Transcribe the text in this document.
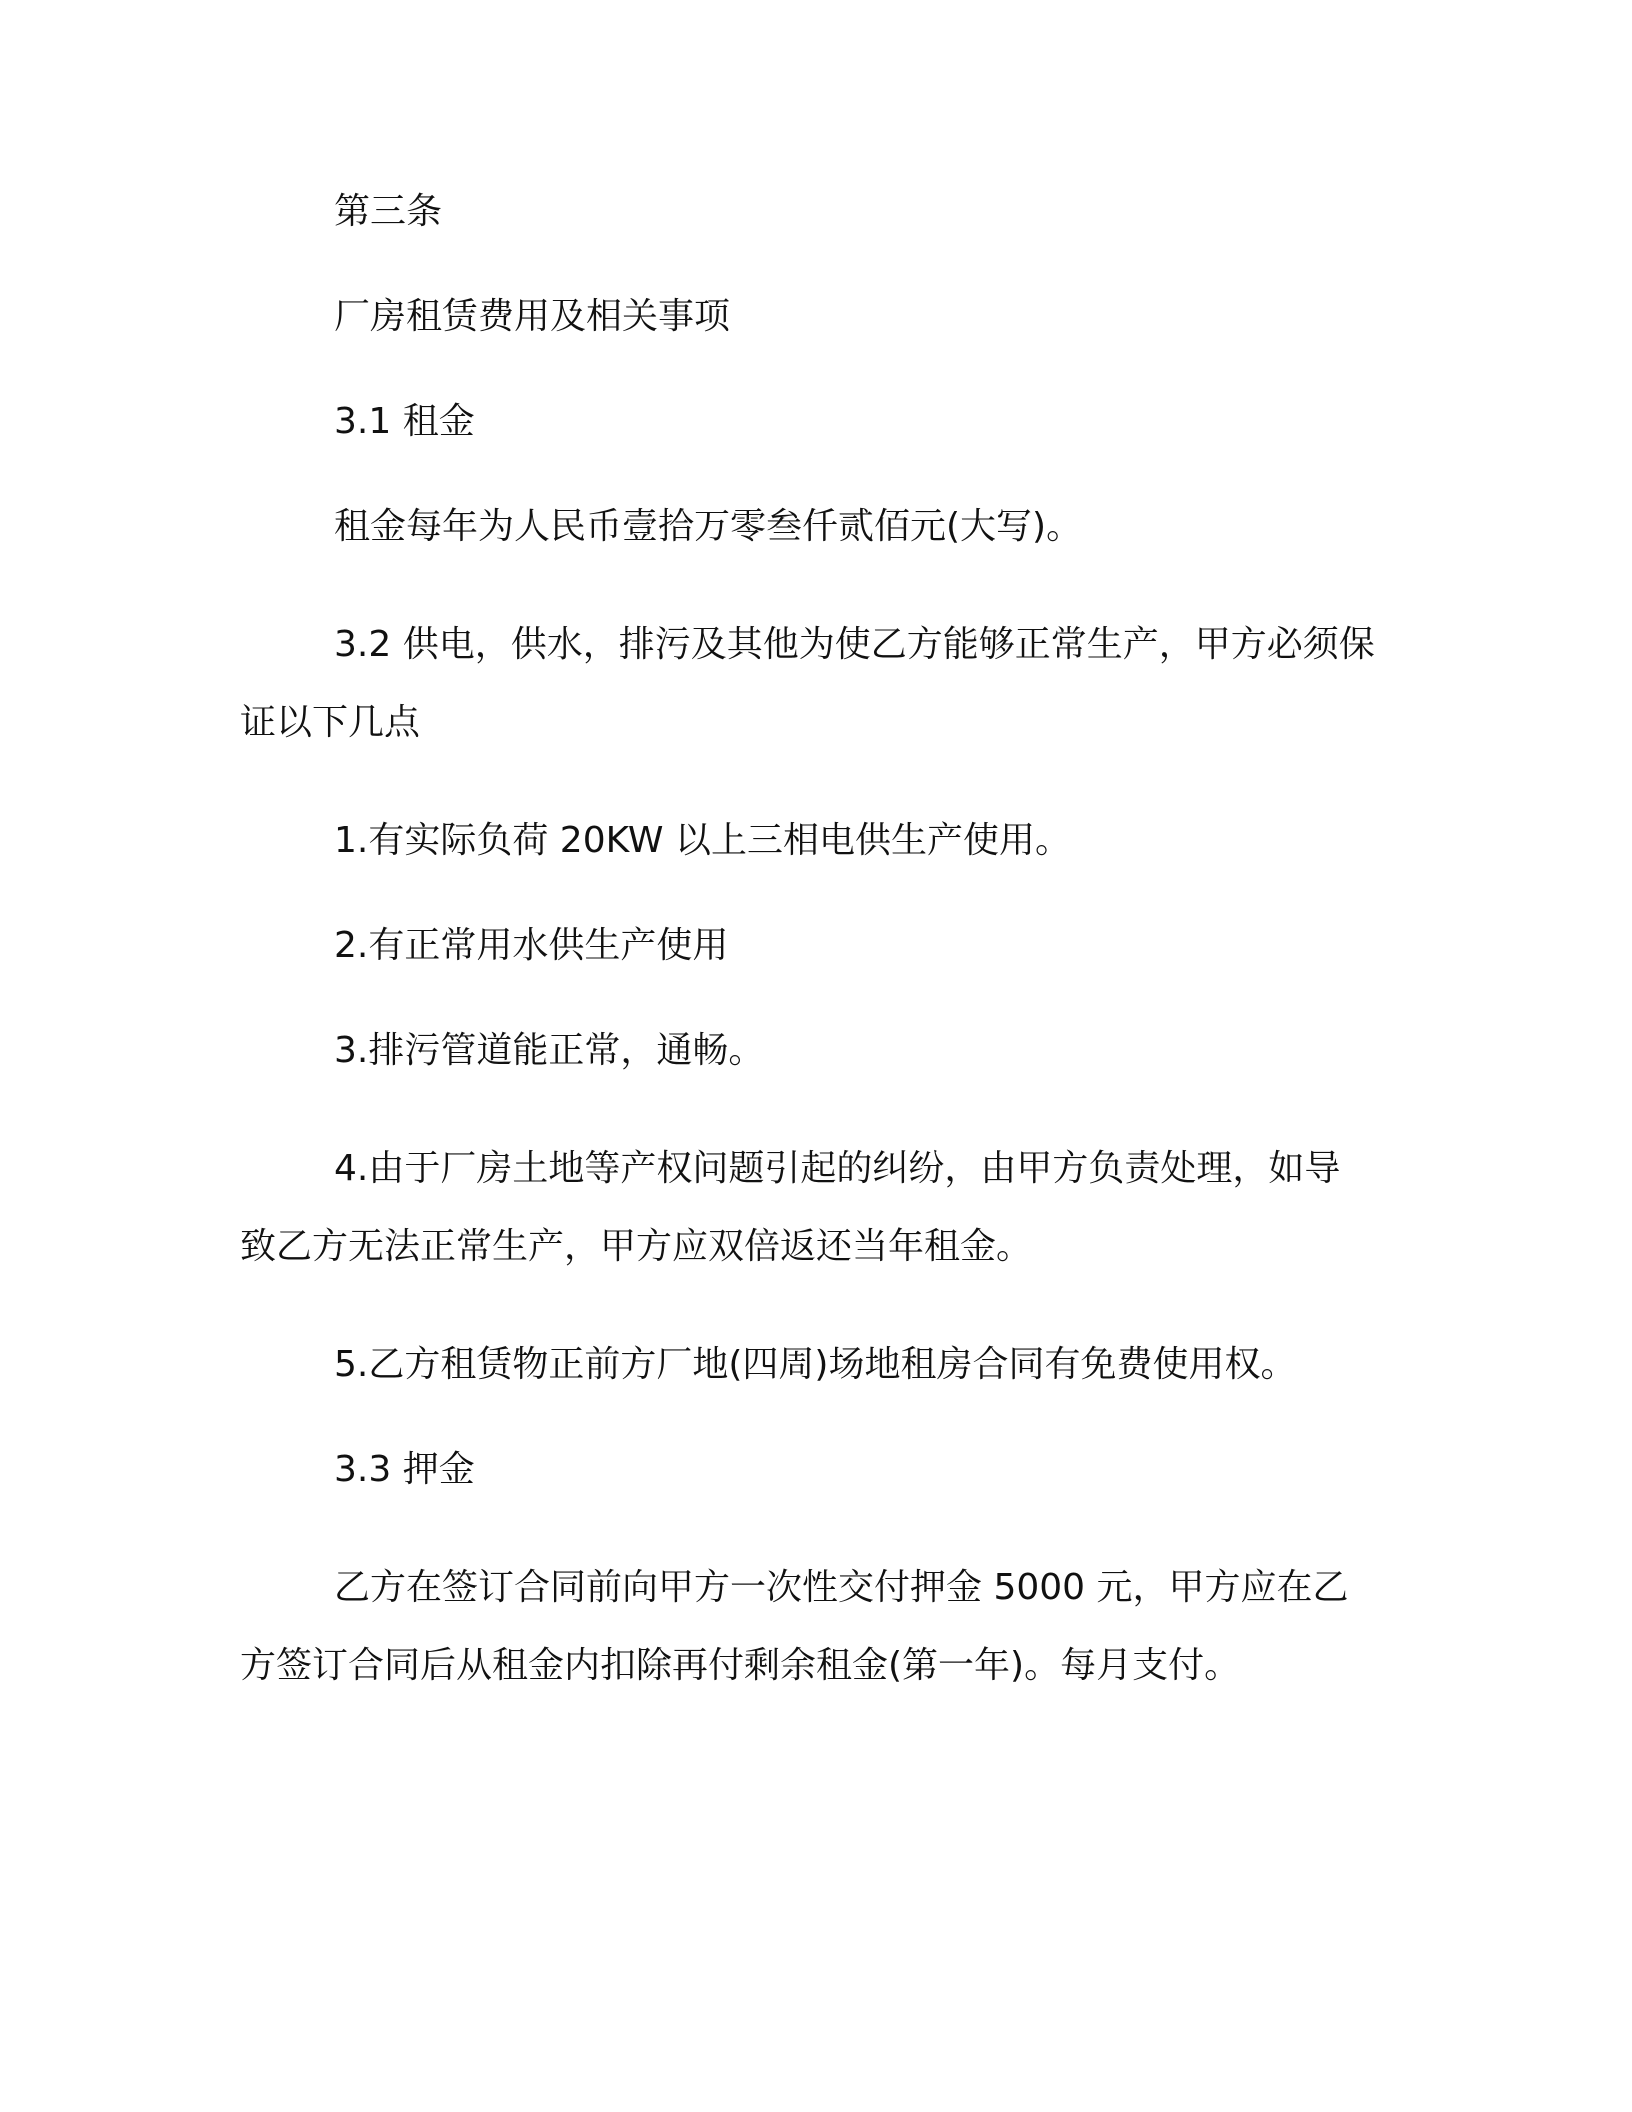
第三条

厂房租赁费用及相关事项

3.1 租金

租金每年为人民币壹拾万零叁仟贰佰元(大写)。

3.2 供电，供水，排污及其他为使乙方能够正常生产，甲方必须保证以下几点

1.有实际负荷 20KW 以上三相电供生产使用。

2.有正常用水供生产使用

3.排污管道能正常，通畅。

4.由于厂房土地等产权问题引起的纠纷，由甲方负责处理，如导致乙方无法正常生产，甲方应双倍返还当年租金。

5.乙方租赁物正前方厂地(四周)场地租房合同有免费使用权。

3.3 押金

乙方在签订合同前向甲方一次性交付押金 5000 元，甲方应在乙方签订合同后从租金内扣除再付剩余租金(第一年)。每月支付。
